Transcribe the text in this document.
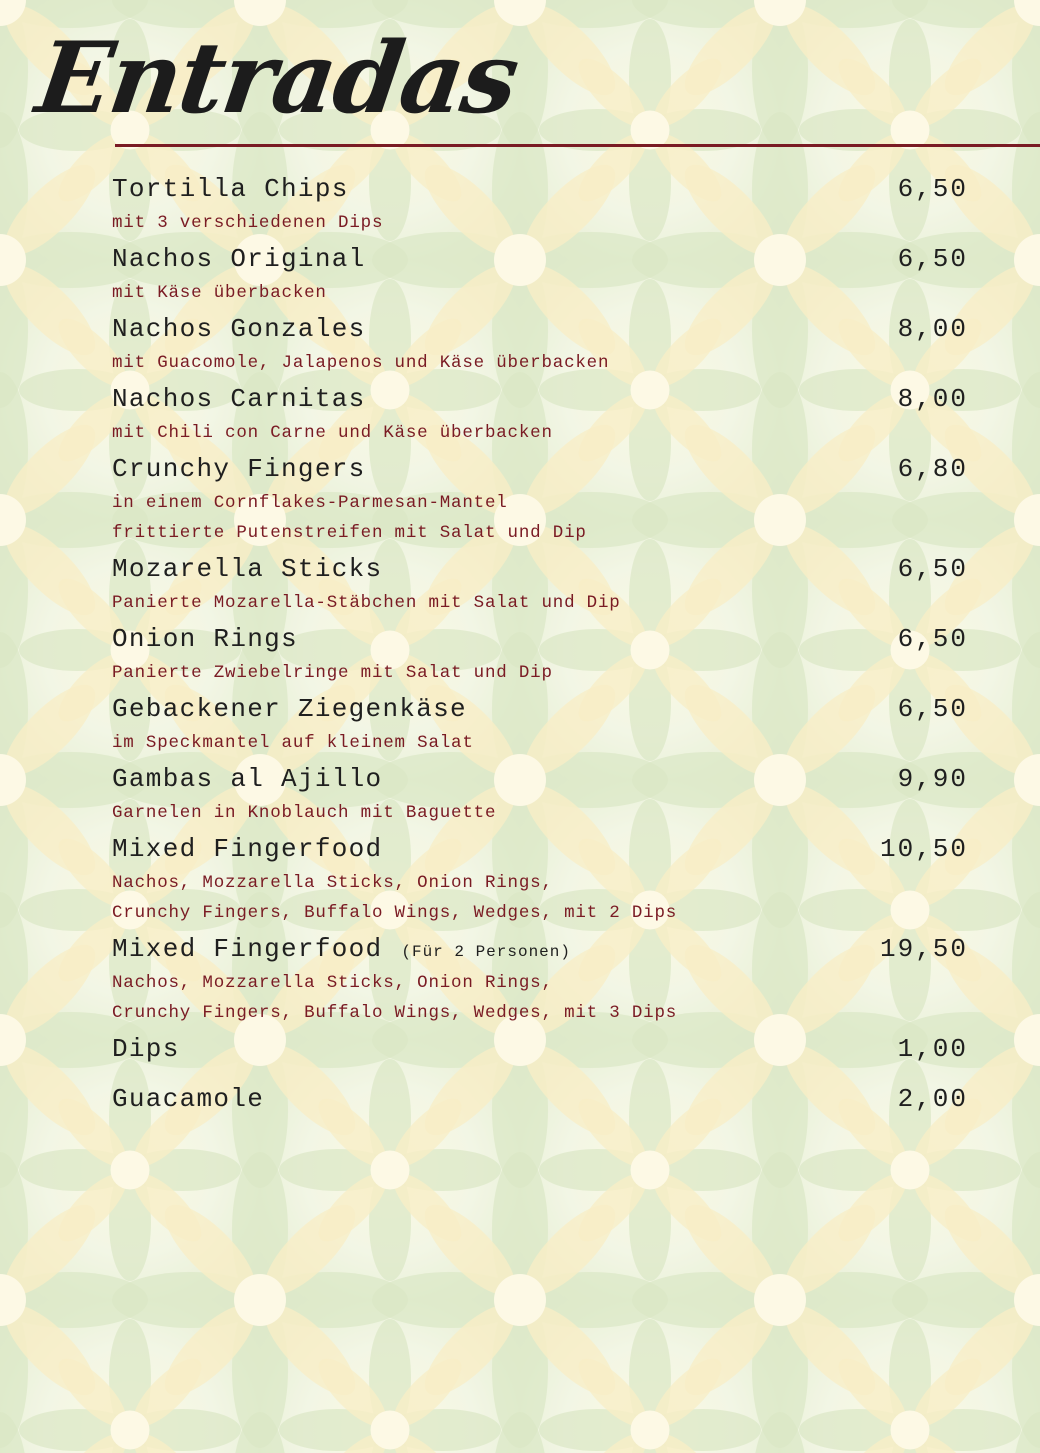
Entradas
Tortilla Chips	6,50
mit 3 verschiedenen Dips
Nachos Original	6,50
mit Käse überbacken
Nachos Gonzales	8,00
mit Guacomole, Jalapenos und Käse überbacken
Nachos Carnitas	8,00
mit Chili con Carne und Käse überbacken
Crunchy Fingers	6,80
in einem Cornflakes-Parmesan-Mantel
frittierte Putenstreifen mit Salat und Dip
Mozarella Sticks	6,50
Panierte Mozarella-Stäbchen mit Salat und Dip
Onion Rings	6,50
Panierte Zwiebelringe mit Salat und Dip
Gebackener Ziegenkäse	6,50
im Speckmantel auf kleinem Salat
Gambas al Ajillo	9,90
Garnelen in Knoblauch mit Baguette
Mixed Fingerfood	10,50
Nachos, Mozzarella Sticks, Onion Rings,
Crunchy Fingers, Buffalo Wings, Wedges, mit 2 Dips
Mixed Fingerfood (Für 2 Personen)	19,50
Nachos, Mozzarella Sticks, Onion Rings,
Crunchy Fingers, Buffalo Wings, Wedges, mit 3 Dips
Dips	1,00
Guacamole	2,00
